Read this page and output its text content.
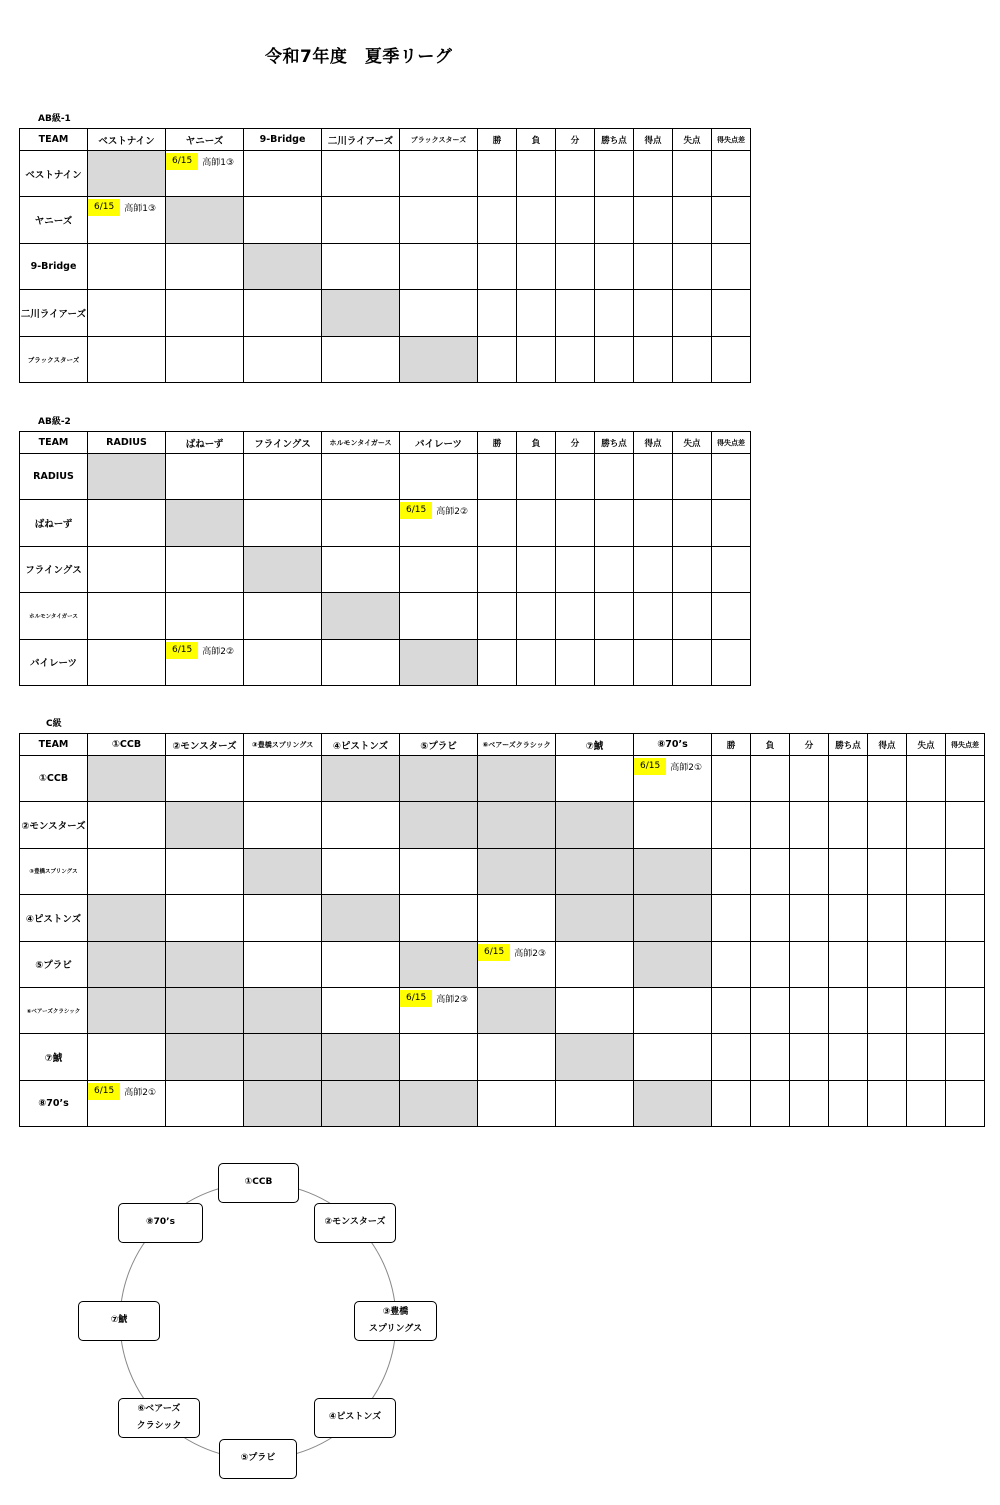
令和7年度　夏季リーグ
AB級-1
TEAM	ベストナイン	ヤニーズ	9-Bridge	二川ライアーズ	ブラックスターズ	勝	負	分	勝ち点	得点	失点	得失点差
ベストナイン		6/15 高師1③										

ヤニーズ	6/15 高師1③											

9-Bridge												
二川ライアーズ												
ブラックスターズ												
AB級-2
TEAM	RADIUS	ばねーず	フライングス	ホルモンタイガース	パイレーツ	勝	負	分	勝ち点	得点	失点	得失点差
RADIUS												
ばねーず					6/15 高師2②							

フライングス												
ホルモンタイガース												
パイレーツ		6/15 高師2②										

C級
TEAM	①CCB	②モンスターズ	③豊橋スプリングス	④ピストンズ	⑤プラビ	⑥ベアーズクラシック	⑦鯱	⑧70’s	勝	負	分	勝ち点	得点	失点	得失点差
①CCB								6/15 高師2①							

②モンスターズ															
③豊橋スプリングス															
④ピストンズ															
⑤プラビ						6/15 高師2③									

⑥ベアーズクラシック					6/15 高師2③										

⑦鯱															
⑧70’s	6/15 高師2①														

①CCB
②モンスターズ
③豊橋
スプリングス
④ピストンズ
⑤プラビ
⑥ベアーズ
クラシック
⑦鯱
⑧70’s
